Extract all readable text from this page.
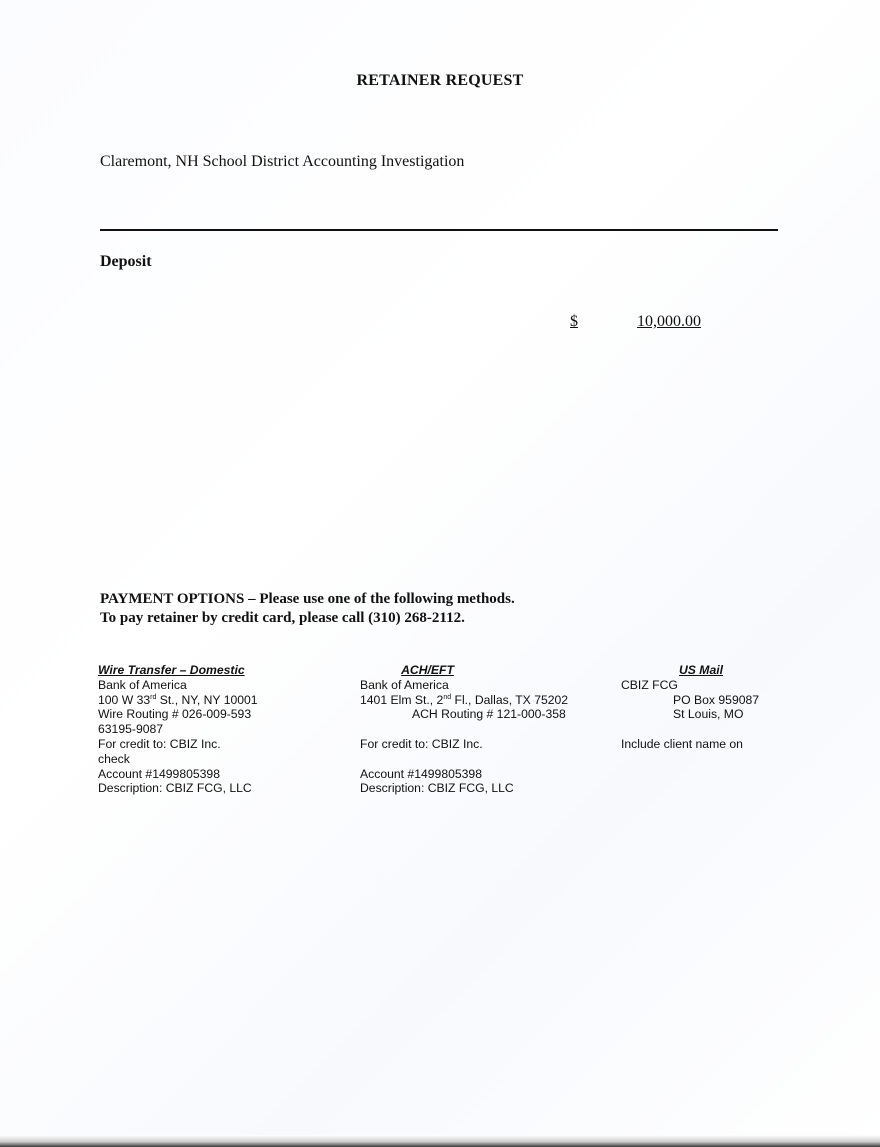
RETAINER REQUEST
Claremont, NH School District Accounting Investigation
Deposit
$	10,000.00
PAYMENT OPTIONS – Please use one of the following methods.
To pay retainer by credit card, please call (310) 268-2112.
Wire Transfer – Domestic
Bank of America
100 W 33rd St., NY, NY 10001
Wire Routing # 026-009-593
63195-9087
For credit to: CBIZ Inc.
check
Account #1499805398
Description: CBIZ FCG, LLC
ACH/EFT
Bank of America
1401 Elm St., 2nd Fl., Dallas, TX 75202
ACH Routing # 121-000-358
For credit to: CBIZ Inc.
Account #1499805398
Description: CBIZ FCG, LLC
US Mail
CBIZ FCG
PO Box 959087
St Louis, MO
Include client name on
